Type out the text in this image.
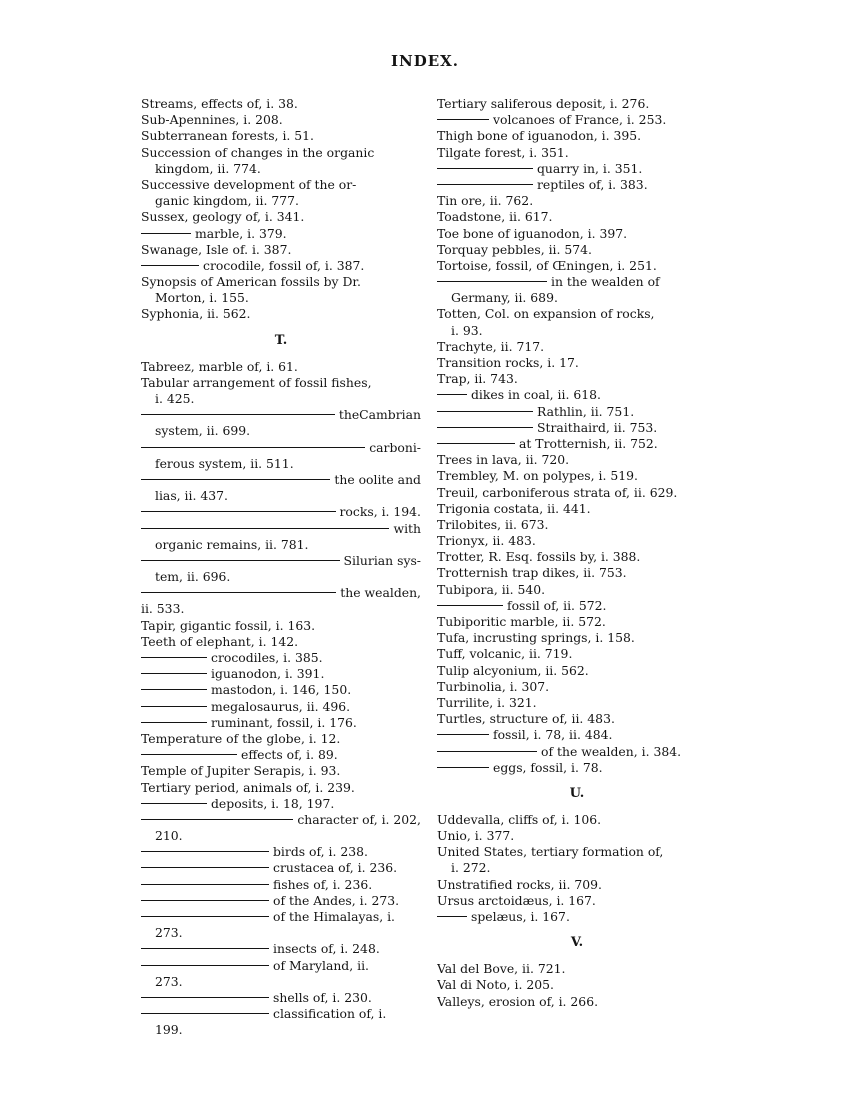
INDEX.
Streams, effects of, i. 38.
Sub-Apennines, i. 208.
Subterranean forests, i. 51.
Succession of changes in the organic
kingdom, ii. 774.
Successive development of the or-
ganic kingdom, ii. 777.
Sussex, geology of, i. 341.
marble, i. 379.
Swanage, Isle of. i. 387.
crocodile, fossil of, i. 387.
Synopsis of American fossils by Dr.
Morton, i. 155.
Syphonia, ii. 562.
T.
Tabreez, marble of, i. 61.
Tabular arrangement of fossil fishes,
i. 425.
theCambrian
system, ii. 699.
carboni-
ferous system, ii. 511.
the oolite and
lias, ii. 437.
rocks, i. 194.
with
organic remains, ii. 781.
Silurian sys-
tem, ii. 696.
the wealden,
ii. 533.
Tapir, gigantic fossil, i. 163.
Teeth of elephant, i. 142.
crocodiles, i. 385.
iguanodon, i. 391.
mastodon, i. 146, 150.
megalosaurus, ii. 496.
ruminant, fossil, i. 176.
Temperature of the globe, i. 12.
effects of, i. 89.
Temple of Jupiter Serapis, i. 93.
Tertiary period, animals of, i. 239.
deposits, i. 18, 197.
character of, i. 202,
210.
birds of, i. 238.
crustacea of, i. 236.
fishes of, i. 236.
of the Andes, i. 273.
of the Himalayas, i.
273.
insects of, i. 248.
of Maryland, ii.
273.
shells of, i. 230.
classification of, i.
199.
Tertiary saliferous deposit, i. 276.
volcanoes of France, i. 253.
Thigh bone of iguanodon, i. 395.
Tilgate forest, i. 351.
quarry in, i. 351.
reptiles of, i. 383.
Tin ore, ii. 762.
Toadstone, ii. 617.
Toe bone of iguanodon, i. 397.
Torquay pebbles, ii. 574.
Tortoise, fossil, of Œningen, i. 251.
in the wealden of
Germany, ii. 689.
Totten, Col. on expansion of rocks,
i. 93.
Trachyte, ii. 717.
Transition rocks, i. 17.
Trap, ii. 743.
dikes in coal, ii. 618.
Rathlin, ii. 751.
Straithaird, ii. 753.
at Trotternish, ii. 752.
Trees in lava, ii. 720.
Trembley, M. on polypes, i. 519.
Treuil, carboniferous strata of, ii. 629.
Trigonia costata, ii. 441.
Trilobites, ii. 673.
Trionyx, ii. 483.
Trotter, R. Esq. fossils by, i. 388.
Trotternish trap dikes, ii. 753.
Tubipora, ii. 540.
fossil of, ii. 572.
Tubiporitic marble, ii. 572.
Tufa, incrusting springs, i. 158.
Tuff, volcanic, ii. 719.
Tulip alcyonium, ii. 562.
Turbinolia, i. 307.
Turrilite, i. 321.
Turtles, structure of, ii. 483.
fossil, i. 78, ii. 484.
of the wealden, i. 384.
eggs, fossil, i. 78.
U.
Uddevalla, cliffs of, i. 106.
Unio, i. 377.
United States, tertiary formation of,
i. 272.
Unstratified rocks, ii. 709.
Ursus arctoidæus, i. 167.
spelæus, i. 167.
V.
Val del Bove, ii. 721.
Val di Noto, i. 205.
Valleys, erosion of, i. 266.
